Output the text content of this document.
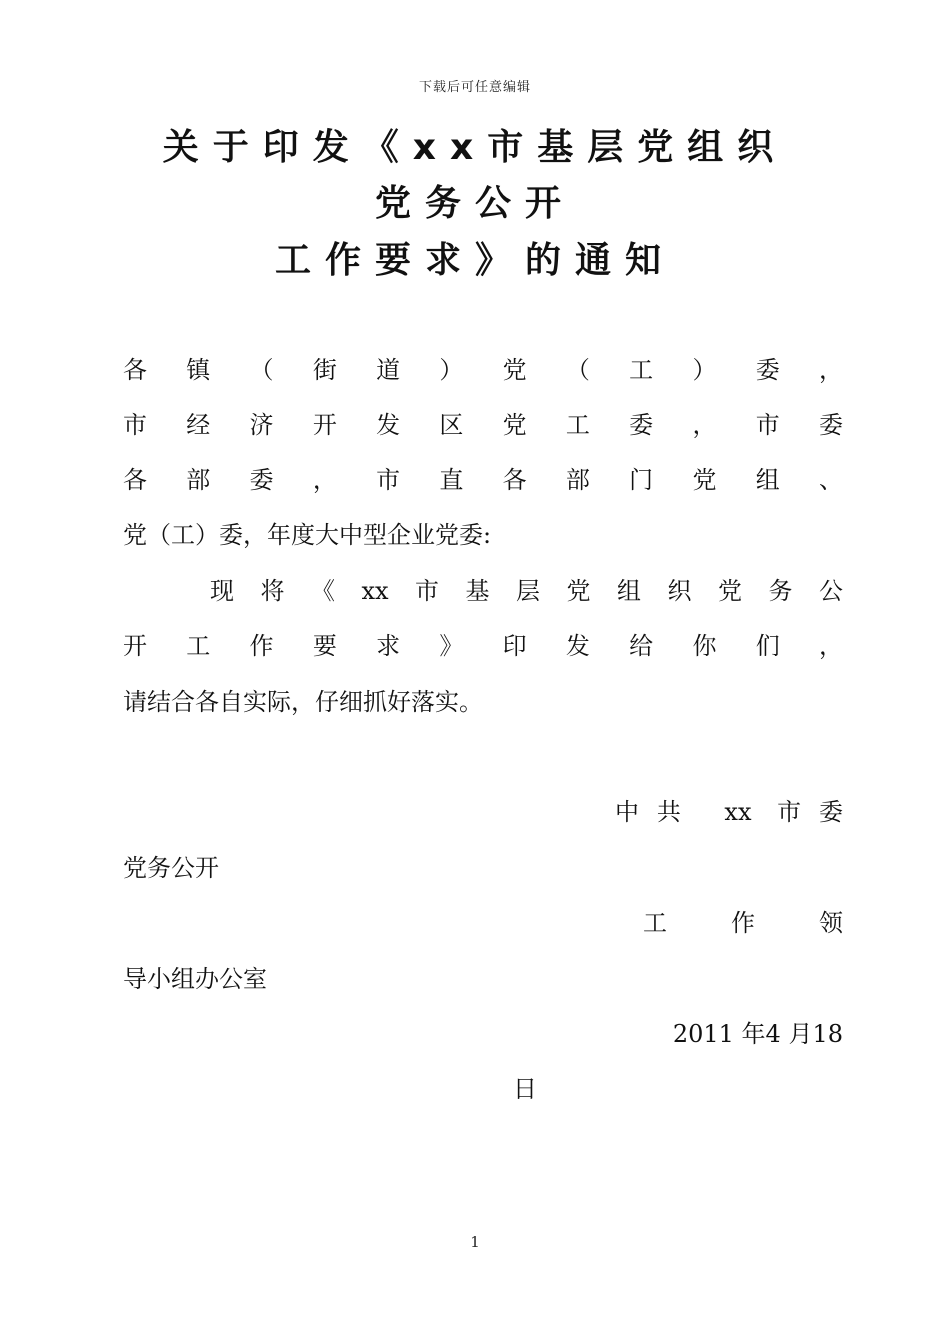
下载后可任意编辑
关于印发《xx市基层党组织
党务公开
工作要求》的通知
各镇（街道）党（工）委，
市经济开发区党工委，市委
各部委，市直各部门党组、
党（工）委，年度大中型企业党委:
现将《xx市基层党组织党务公
开工作要求》印发给你们，
请结合各自实际，仔细抓好落实。
中共 xx 市委
党务公开
工作领
导小组办公室
2011 年4 月18
日
1
